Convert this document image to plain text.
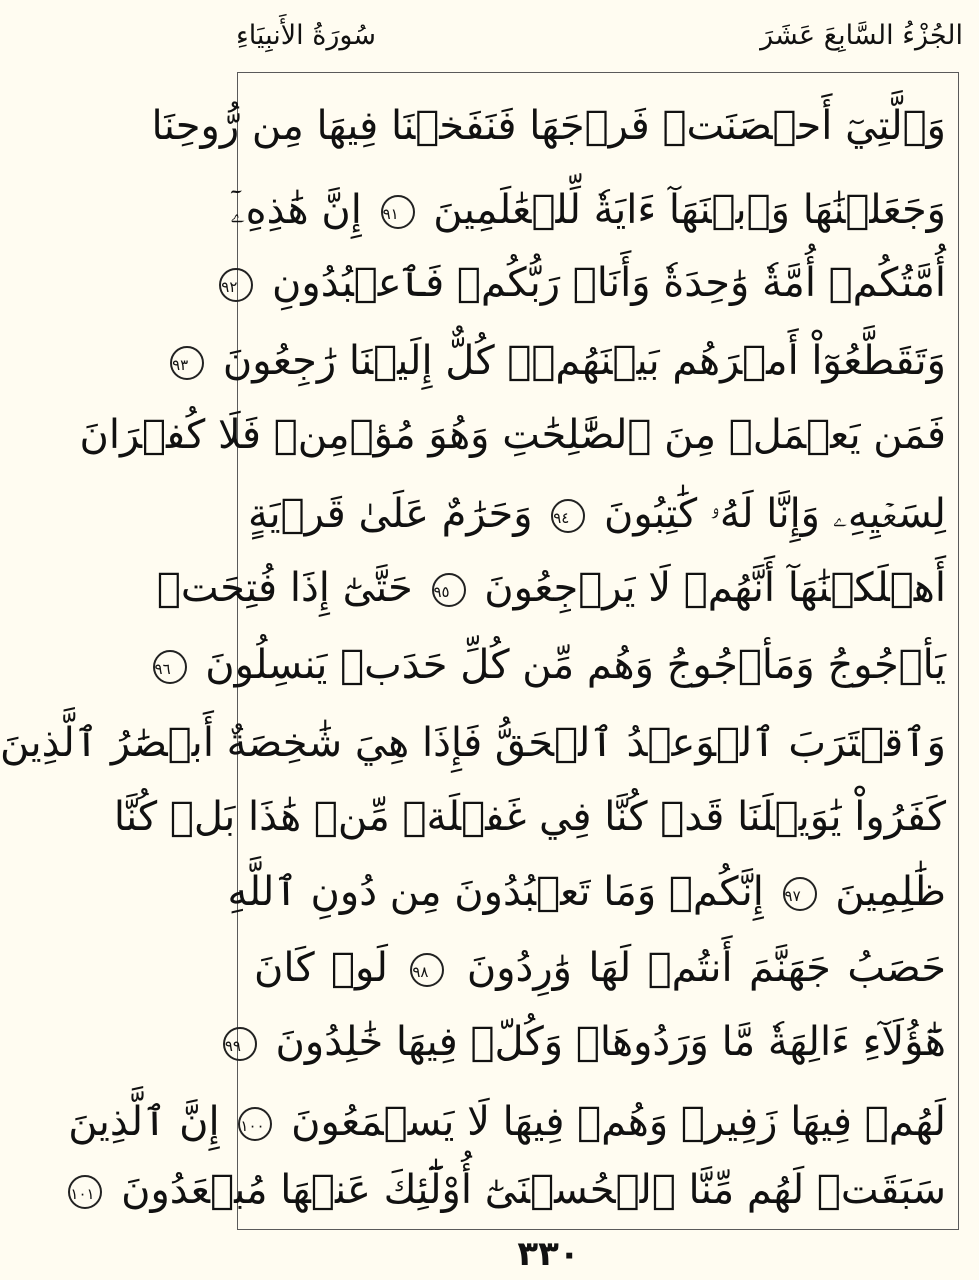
سُورَةُ الأَنبِيَاءِ	الجُزْءُ السَّابِعَ عَشَرَ
وَٱلَّتِيٓ أَحۡصَنَتۡ فَرۡجَهَا فَنَفَخۡنَا فِيهَا مِن رُّوحِنَا
وَجَعَلۡنَٰهَا وَٱبۡنَهَآ ءَايَةٗ لِّلۡعَٰلَمِينَ ٩١ إِنَّ هَٰذِهِۦٓ
أُمَّتُكُمۡ أُمَّةٗ وَٰحِدَةٗ وَأَنَا۠ رَبُّكُمۡ فَٱعۡبُدُونِ ٩٢
وَتَقَطَّعُوٓاْ أَمۡرَهُم بَيۡنَهُمۡۖ كُلٌّ إِلَيۡنَا رَٰجِعُونَ ٩٣
فَمَن يَعۡمَلۡ مِنَ ٱلصَّٰلِحَٰتِ وَهُوَ مُؤۡمِنٞ فَلَا كُفۡرَانَ
لِسَعۡيِهِۦ وَإِنَّا لَهُۥ كَٰتِبُونَ ٩٤ وَحَرَٰمٌ عَلَىٰ قَرۡيَةٍ
أَهۡلَكۡنَٰهَآ أَنَّهُمۡ لَا يَرۡجِعُونَ ٩٥ حَتَّىٰٓ إِذَا فُتِحَتۡ
يَأۡجُوجُ وَمَأۡجُوجُ وَهُم مِّن كُلِّ حَدَبٖ يَنسِلُونَ ٩٦
وَٱقۡتَرَبَ ٱلۡوَعۡدُ ٱلۡحَقُّ فَإِذَا هِيَ شَٰخِصَةٌ أَبۡصَٰرُ ٱلَّذِينَ
كَفَرُواْ يَٰوَيۡلَنَا قَدۡ كُنَّا فِي غَفۡلَةٖ مِّنۡ هَٰذَا بَلۡ كُنَّا
ظَٰلِمِينَ ٩٧ إِنَّكُمۡ وَمَا تَعۡبُدُونَ مِن دُونِ ٱللَّهِ
حَصَبُ جَهَنَّمَ أَنتُمۡ لَهَا وَٰرِدُونَ ٩٨ لَوۡ كَانَ
هَٰٓؤُلَآءِ ءَالِهَةٗ مَّا وَرَدُوهَاۖ وَكُلّٞ فِيهَا خَٰلِدُونَ ٩٩
لَهُمۡ فِيهَا زَفِيرٞ وَهُمۡ فِيهَا لَا يَسۡمَعُونَ ١٠٠ إِنَّ ٱلَّذِينَ
سَبَقَتۡ لَهُم مِّنَّا ٱلۡحُسۡنَىٰٓ أُوْلَٰٓئِكَ عَنۡهَا مُبۡعَدُونَ ١٠١
٣٣٠
